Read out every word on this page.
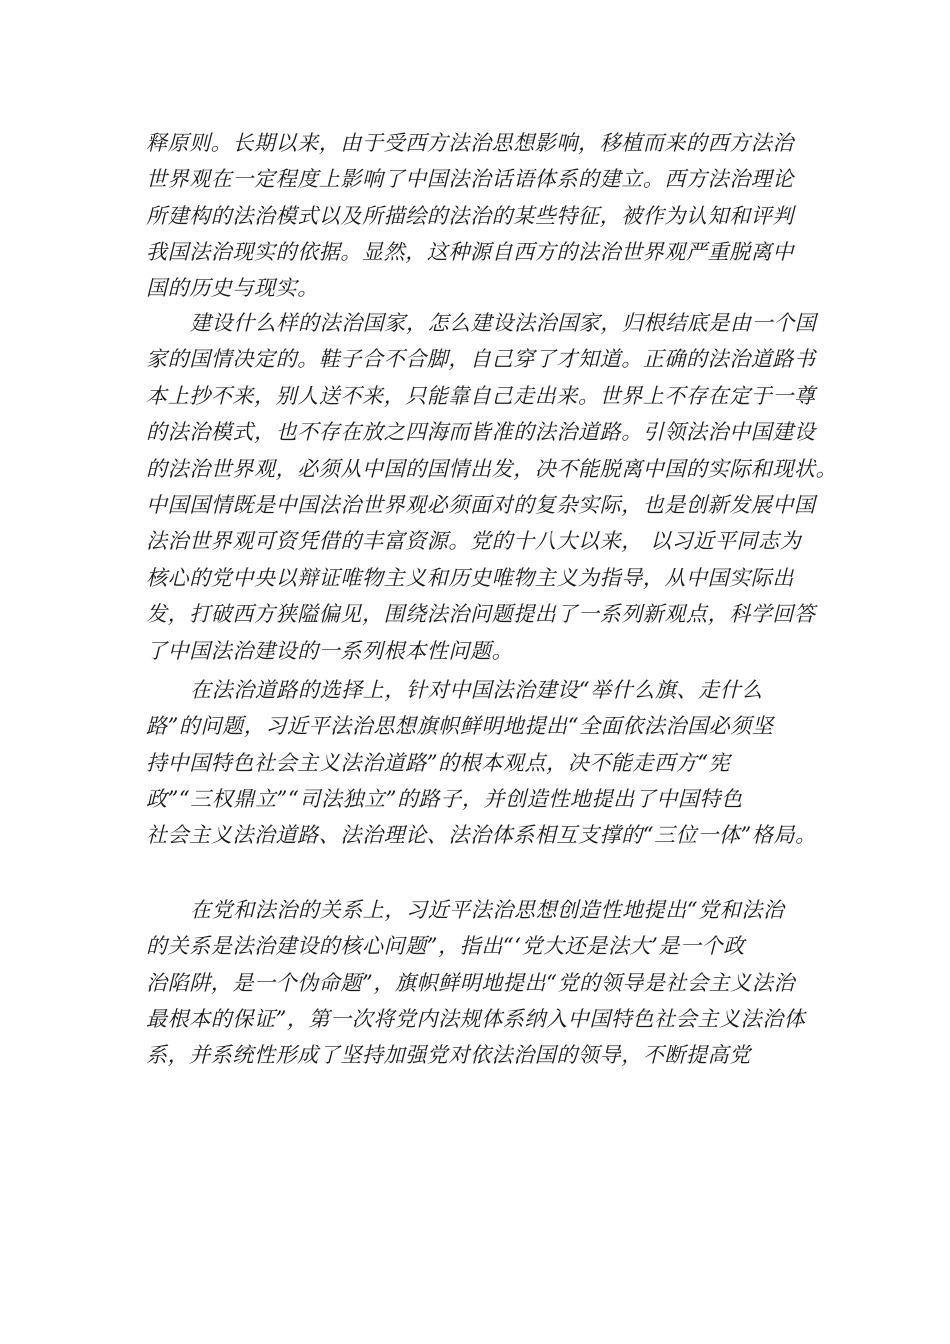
释原则。长期以来，由于受西方法治思想影响，移植而来的西方法治
世界观在一定程度上影响了中国法治话语体系的建立。西方法治理论
所建构的法治模式以及所描绘的法治的某些特征，被作为认知和评判
我国法治现实的依据。显然，这种源自西方的法治世界观严重脱离中
国的历史与现实。
建设什么样的法治国家，怎么建设法治国家，归根结底是由一个国
家的国情决定的。鞋子合不合脚，自己穿了才知道。正确的法治道路书
本上抄不来，别人送不来，只能靠自己走出来。世界上不存在定于一尊
的法治模式，也不存在放之四海而皆准的法治道路。引领法治中国建设
的法治世界观，必须从中国的国情出发，决不能脱离中国的实际和现状。
中国国情既是中国法治世界观必须面对的复杂实际，也是创新发展中国
法治世界观可资凭借的丰富资源。党的十八大以来， 以习近平同志为
核心的党中央以辩证唯物主义和历史唯物主义为指导，从中国实际出
发，打破西方狭隘偏见，围绕法治问题提出了一系列新观点，科学回答
了中国法治建设的一系列根本性问题。
在法治道路的选择上，针对中国法治建设“举什么旗、走什么
路”的问题，习近平法治思想旗帜鲜明地提出“全面依法治国必须坚
持中国特色社会主义法治道路”的根本观点，决不能走西方“宪
政”“三权鼎立”“司法独立”的路子，并创造性地提出了中国特色
社会主义法治道路、法治理论、法治体系相互支撑的“三位一体”格局。
在党和法治的关系上，习近平法治思想创造性地提出“党和法治
的关系是法治建设的核心问题”，指出“‘党大还是法大’是一个政
治陷阱，是一个伪命题”，旗帜鲜明地提出“党的领导是社会主义法治
最根本的保证”，第一次将党内法规体系纳入中国特色社会主义法治体
系，并系统性形成了坚持加强党对依法治国的领导，不断提高党
